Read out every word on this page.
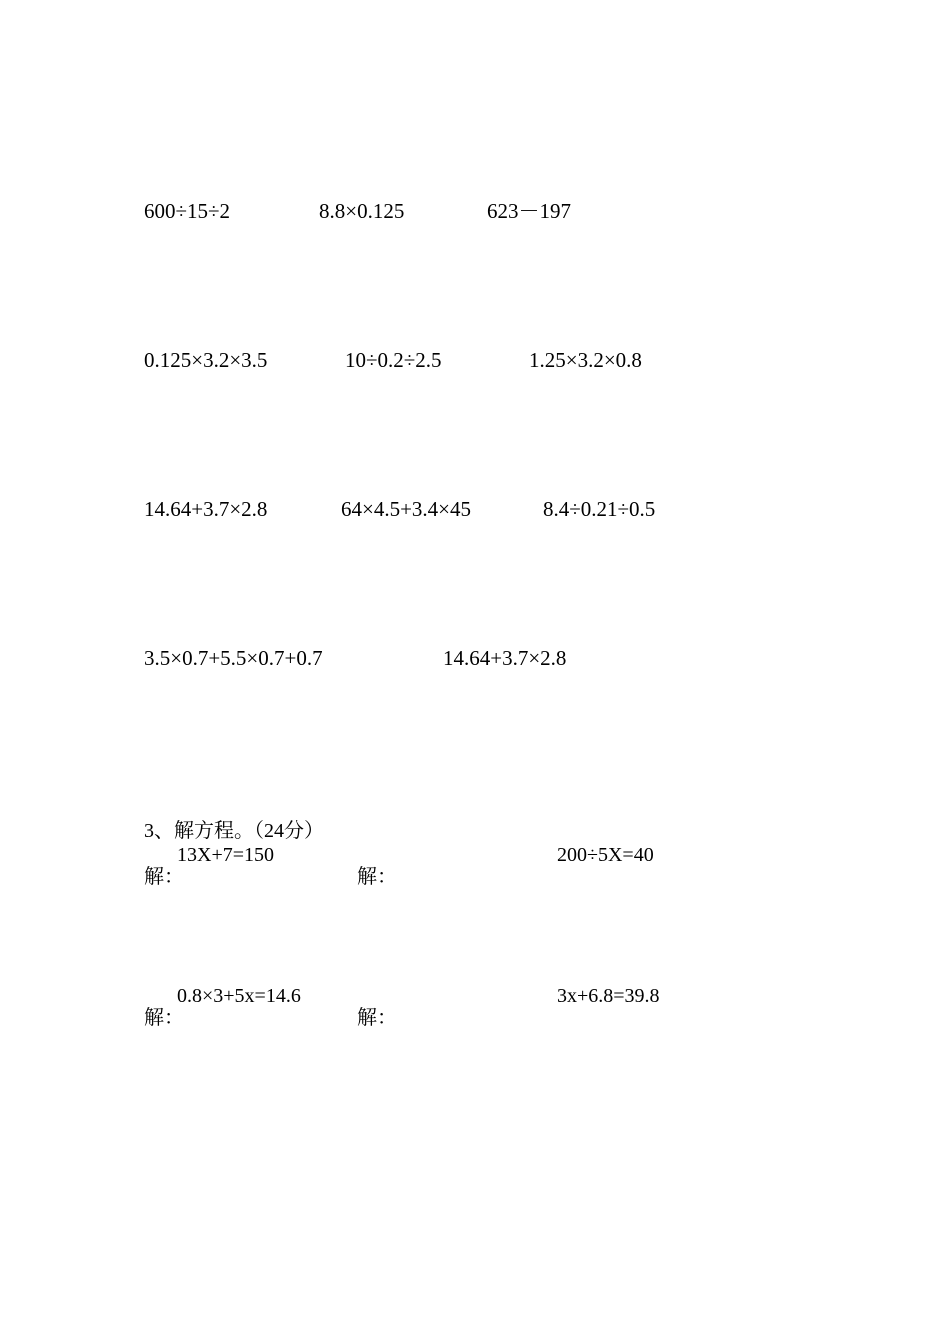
600÷15÷2	8.8×0.125	623－197
0.125×3.2×3.5	10÷0.2÷2.5	1.25×3.2×0.8
14.64+3.7×2.8	64×4.5+3.4×45	8.4÷0.21÷0.5
3.5×0.7+5.5×0.7+0.7	14.64+3.7×2.8
3、解方程。（24分）
13X+7=150	200÷5X=40
解：	解：
0.8×3+5x=14.6	3x+6.8=39.8
解：	解：
